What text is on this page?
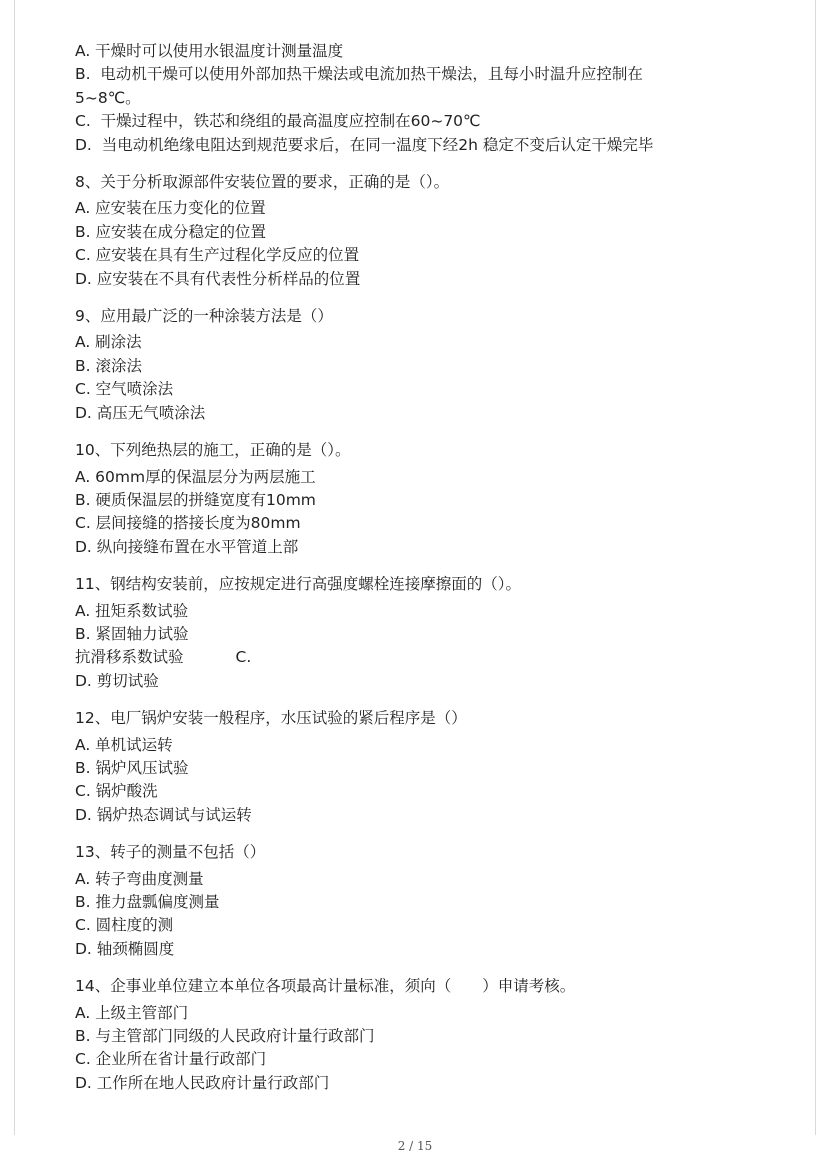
A. 干燥时可以使用水银温度计测量温度
B.  电动机干燥可以使用外部加热干燥法或电流加热干燥法，且每小时温升应控制在
5~8℃。
C.  干燥过程中，铁芯和绕组的最高温度应控制在60~70℃
D.  当电动机绝缘电阻达到规范要求后，在同一温度下经2h 稳定不变后认定干燥完毕
8、关于分析取源部件安装位置的要求，正确的是（）。
A. 应安装在压力变化的位置
B. 应安装在成分稳定的位置
C. 应安装在具有生产过程化学反应的位置
D. 应安装在不具有代表性分析样品的位置
9、应用最广泛的一种涂装方法是（）
A. 刷涂法
B. 滚涂法
C. 空气喷涂法
D. 高压无气喷涂法
10、下列绝热层的施工，正确的是（）。
A. 60mm厚的保温层分为两层施工
B. 硬质保温层的拼缝宽度有10mm
C. 层间接缝的搭接长度为80mm
D. 纵向接缝布置在水平管道上部
11、钢结构安装前，应按规定进行高强度螺栓连接摩擦面的（）。
A. 扭矩系数试验
B. 紧固轴力试验
抗滑移系数试验	C.
D. 剪切试验
12、电厂锅炉安装一般程序，水压试验的紧后程序是（）
A. 单机试运转
B. 锅炉风压试验
C. 锅炉酸洗
D. 锅炉热态调试与试运转
13、转子的测量不包括（）
A. 转子弯曲度测量
B. 推力盘瓢偏度测量
C. 圆柱度的测
D. 轴颈椭圆度
14、企事业单位建立本单位各项最高计量标准，须向（　　）申请考核。
A. 上级主管部门
B. 与主管部门同级的人民政府计量行政部门
C. 企业所在省计量行政部门
D. 工作所在地人民政府计量行政部门
2 / 15
